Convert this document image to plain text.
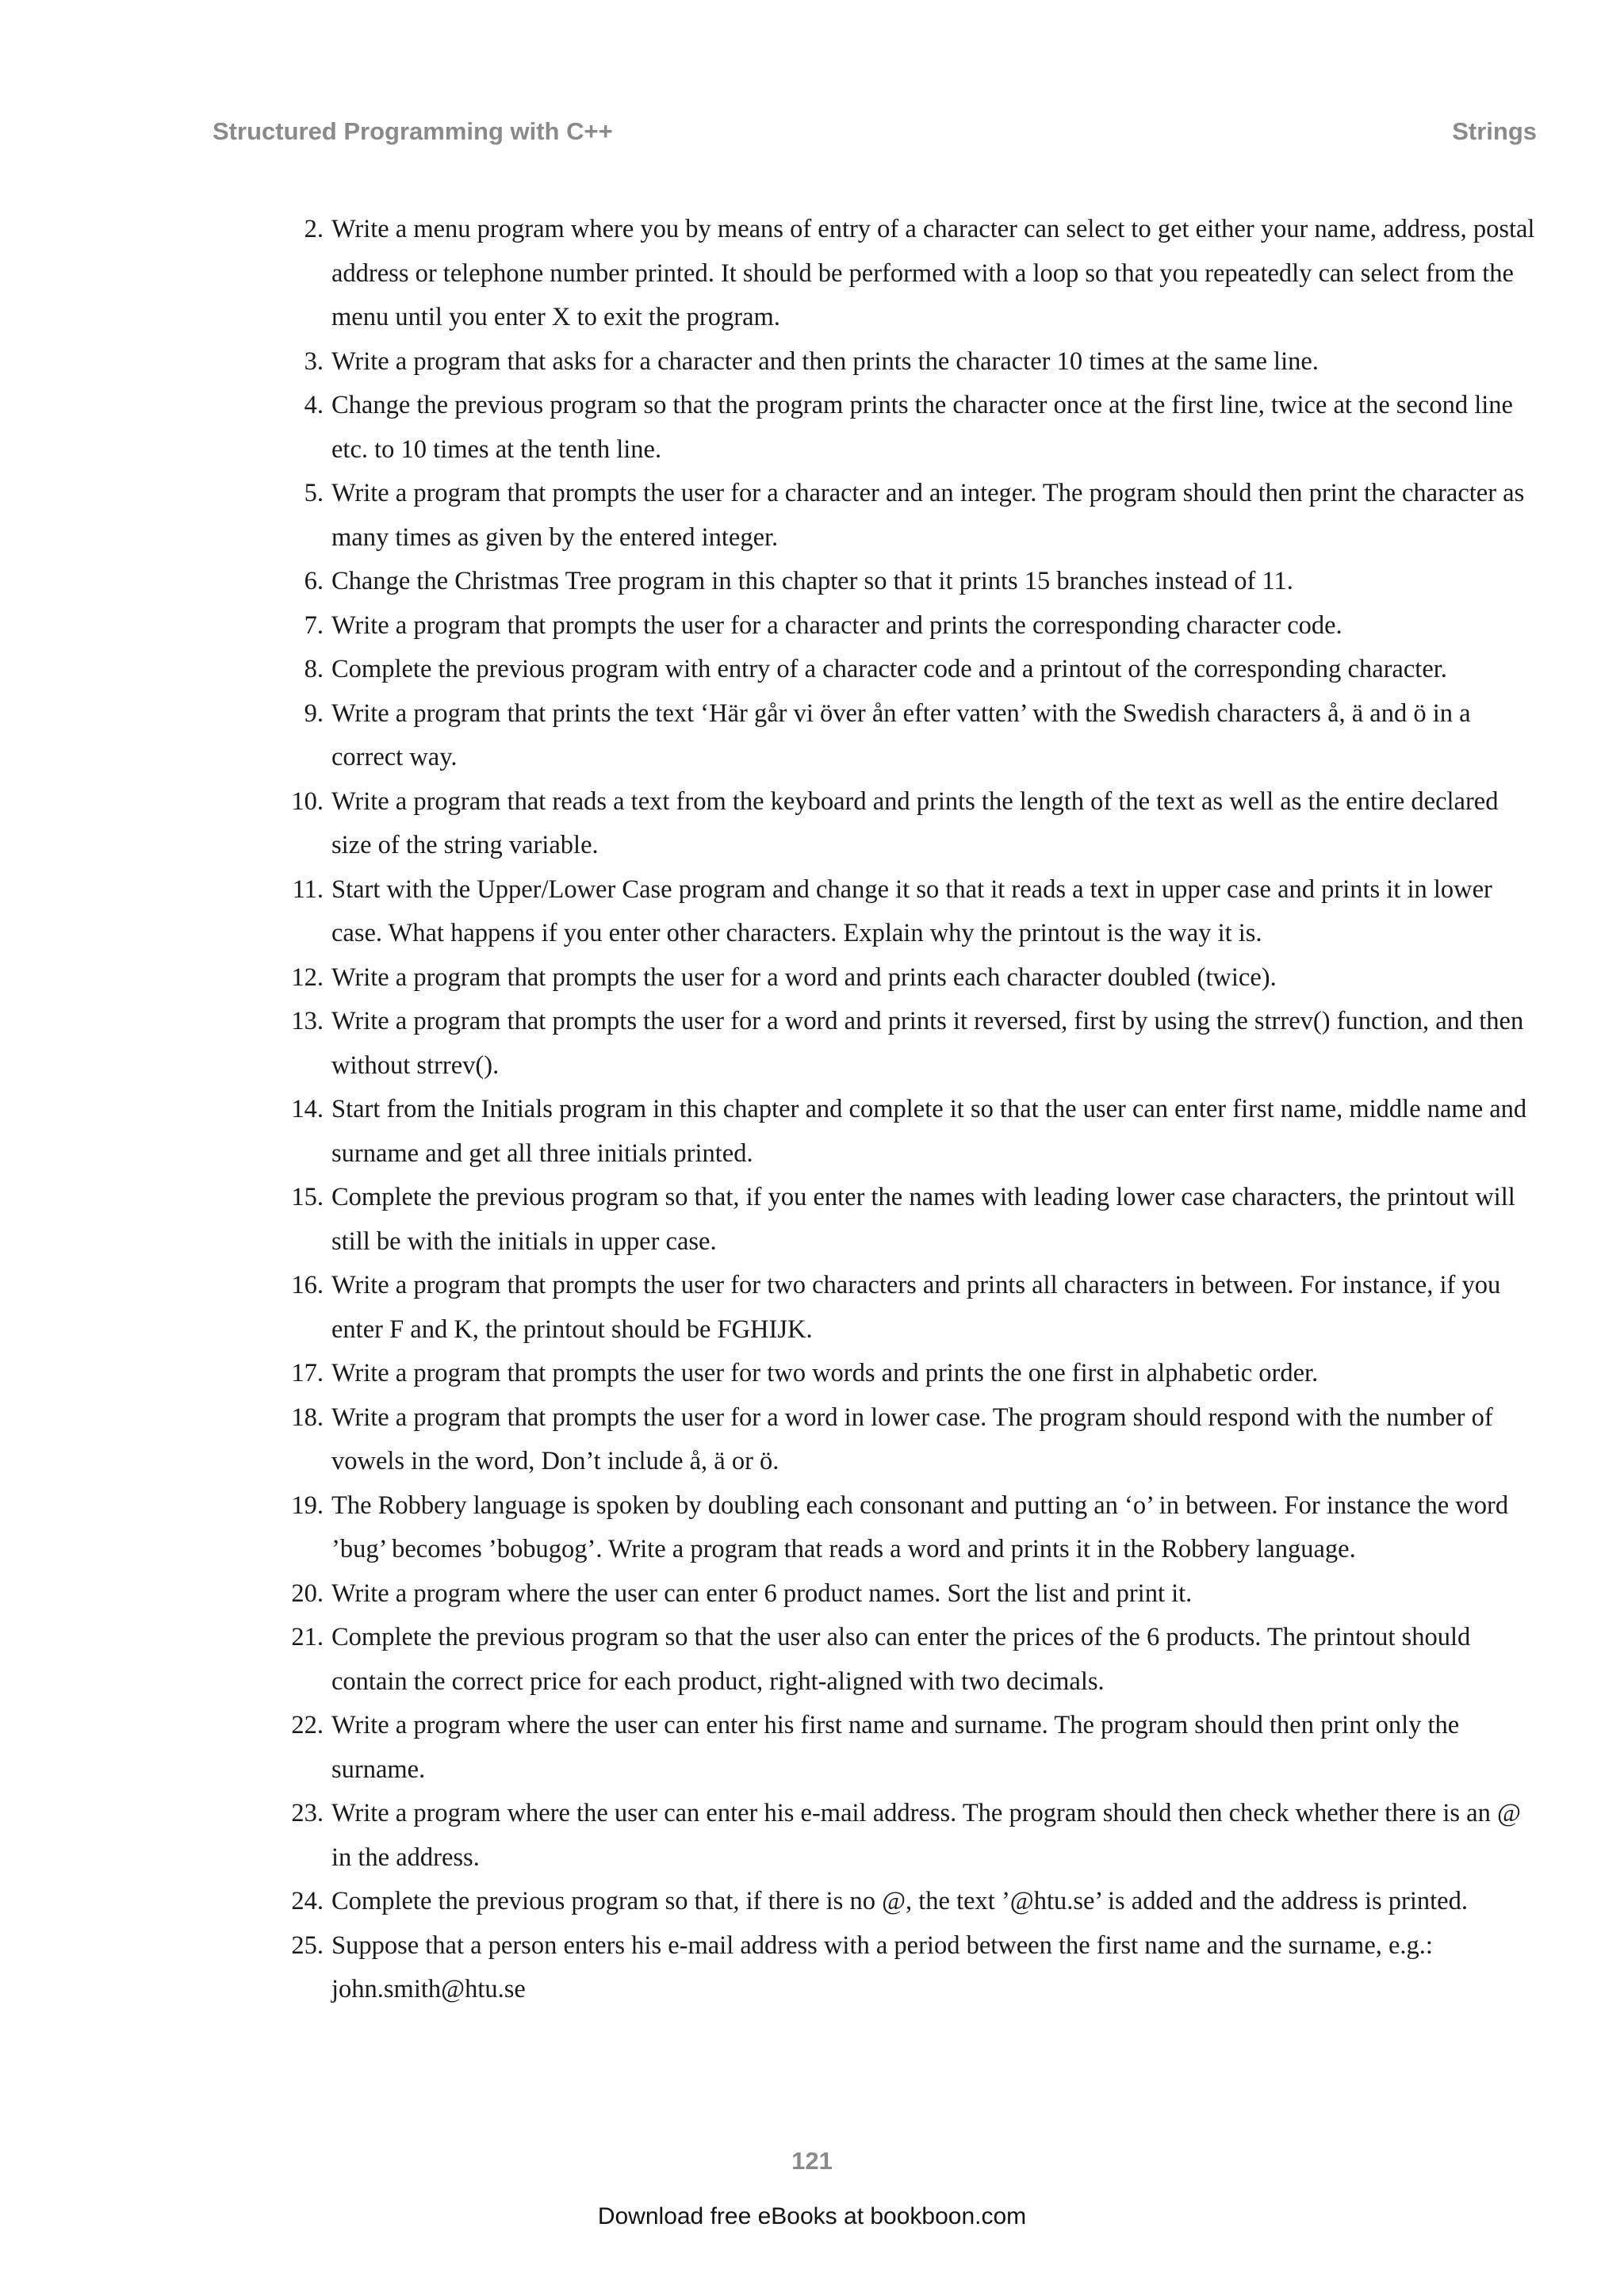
Structured Programming with C++	Strings
2. Write a menu program where you by means of entry of a character can select to get either your name, address, postal address or telephone number printed. It should be performed with a loop so that you repeatedly can select from the menu until you enter X to exit the program.
3. Write a program that asks for a character and then prints the character 10 times at the same line.
4. Change the previous program so that the program prints the character once at the first line, twice at the second line etc. to 10 times at the tenth line.
5. Write a program that prompts the user for a character and an integer. The program should then print the character as many times as given by the entered integer.
6. Change the Christmas Tree program in this chapter so that it prints 15 branches instead of 11.
7. Write a program that prompts the user for a character and prints the corresponding character code.
8. Complete the previous program with entry of a character code and a printout of the corresponding character.
9. Write a program that prints the text ‘Här går vi över ån efter vatten’ with the Swedish characters å, ä and ö in a correct way.
10. Write a program that reads a text from the keyboard and prints the length of the text as well as the entire declared size of the string variable.
11. Start with the Upper/Lower Case program and change it so that it reads a text in upper case and prints it in lower case. What happens if you enter other characters. Explain why the printout is the way it is.
12. Write a program that prompts the user for a word and prints each character doubled (twice).
13. Write a program that prompts the user for a word and prints it reversed, first by using the strrev() function, and then without strrev().
14. Start from the Initials program in this chapter and complete it so that the user can enter first name, middle name and surname and get all three initials printed.
15. Complete the previous program so that, if you enter the names with leading lower case characters, the printout will still be with the initials in upper case.
16. Write a program that prompts the user for two characters and prints all characters in between. For instance, if you enter F and K, the printout should be FGHIJK.
17. Write a program that prompts the user for two words and prints the one first in alphabetic order.
18. Write a program that prompts the user for a word in lower case. The program should respond with the number of vowels in the word, Don’t include å, ä or ö.
19. The Robbery language is spoken by doubling each consonant and putting an ‘o’ in between. For instance the word ’bug’ becomes ’bobugog’. Write a program that reads a word and prints it in the Robbery language.
20. Write a program where the user can enter 6 product names. Sort the list and print it.
21. Complete the previous program so that the user also can enter the prices of the 6 products. The printout should contain the correct price for each product, right-aligned with two decimals.
22. Write a program where the user can enter his first name and surname. The program should then print only the surname.
23. Write a program where the user can enter his e-mail address. The program should then check whether there is an @ in the address.
24. Complete the previous program so that, if there is no @, the text ’@htu.se’ is added and the address is printed.
25. Suppose that a person enters his e-mail address with a period between the first name and the surname, e.g.: john.smith@htu.se
121
Download free eBooks at bookboon.com
